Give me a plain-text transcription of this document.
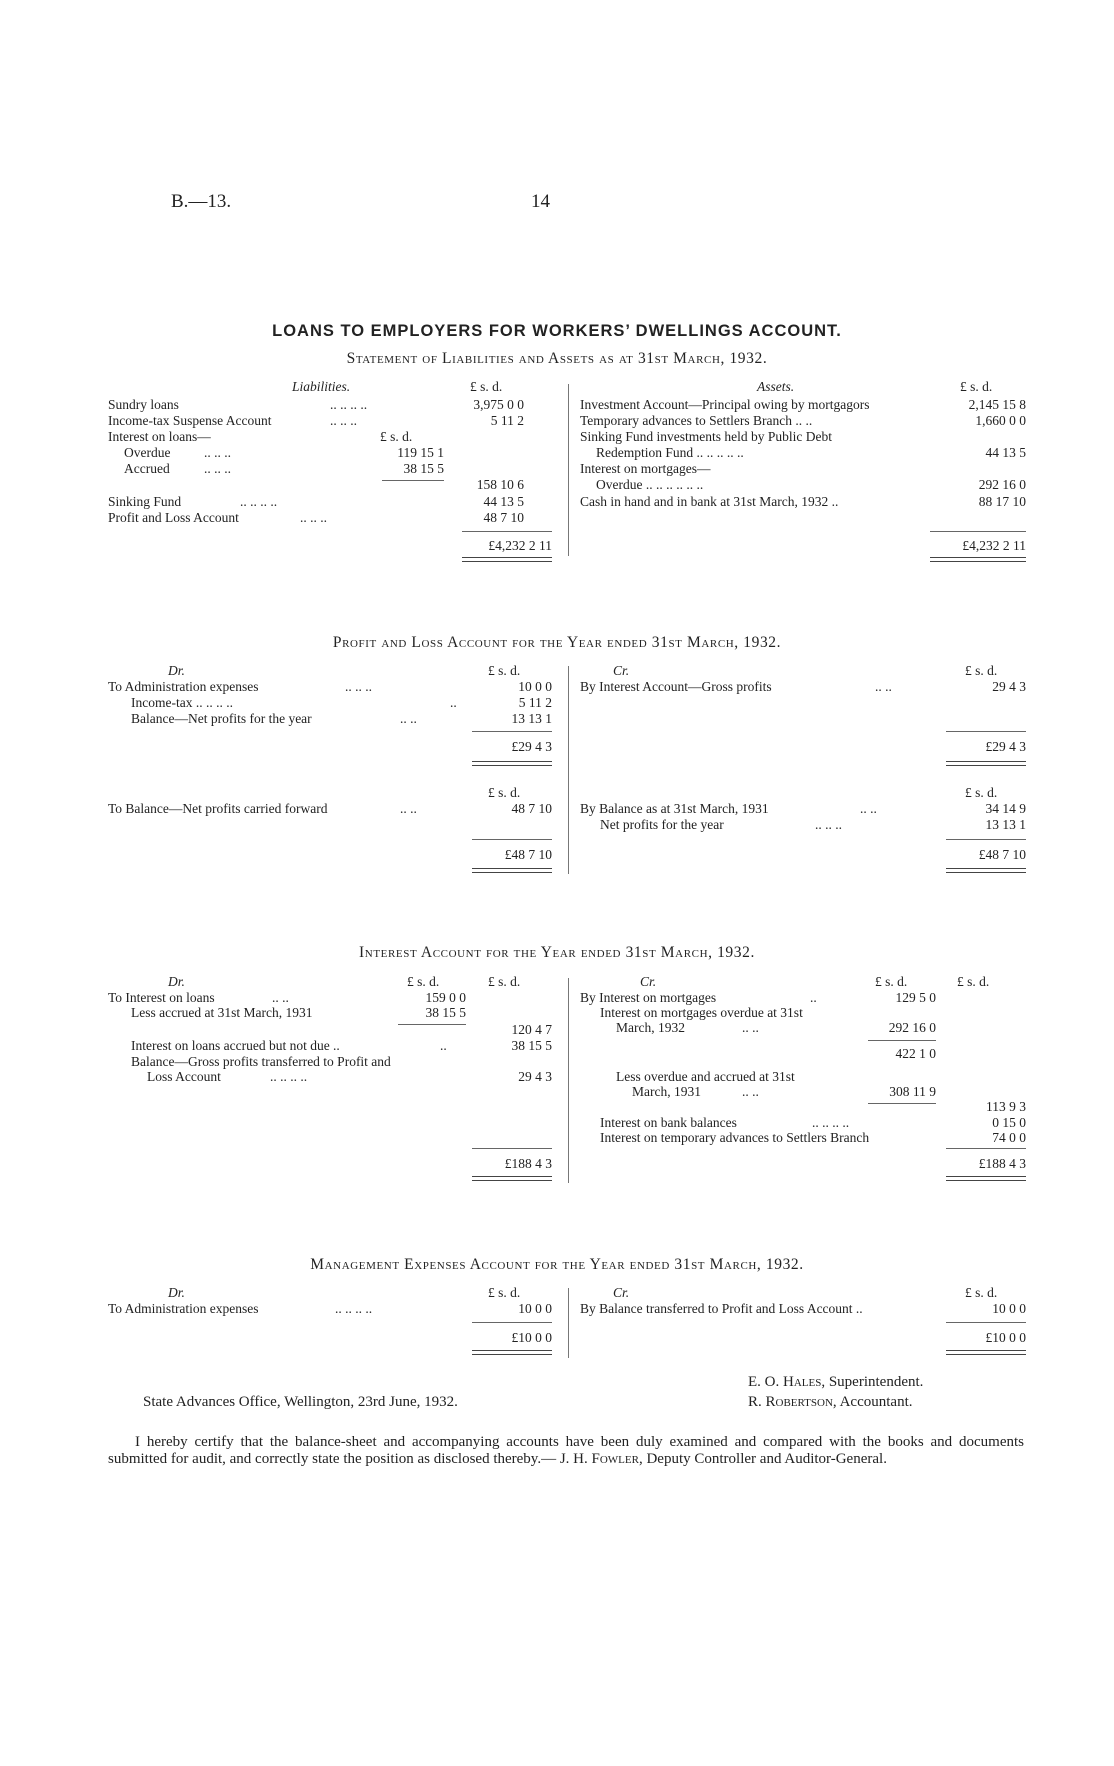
B.—13.	14
LOANS TO EMPLOYERS FOR WORKERS’ DWELLINGS ACCOUNT.
Statement of Liabilities and Assets as at 31st March, 1932.
Liabilities.	£ s. d.	Assets.	£ s. d.
Sundry loans	.. .. .. ..	3,975 0 0
Income-tax Suspense Account	.. .. ..	5 11 2
Interest on loans—	£ s. d.
Overdue .. .. ..	119 15 1
Accrued	.. .. ..	38 15 5
158 10 6
Sinking Fund	.. .. .. ..	44 13 5
Profit and Loss Account	.. .. ..	48 7 10
£4,232 2 11
Investment Account—Principal owing by mortgagors	2,145 15 8
Temporary advances to Settlers Branch .. ..	1,660 0 0
Sinking Fund investments held by Public Debt
Redemption Fund .. .. .. .. ..	44 13 5
Interest on mortgages—
Overdue .. .. .. .. .. ..	292 16 0
Cash in hand and in bank at 31st March, 1932 ..	88 17 10
£4,232 2 11
Profit and Loss Account for the Year ended 31st March, 1932.
Dr.	£ s. d.	Cr.	£ s. d.
To Administration expenses	.. .. ..	10 0 0
Income-tax .. .. .. ..	..	5 11 2
Balance—Net profits for the year	.. ..	13 13 1
By Interest Account—Gross profits	.. ..	29 4 3
£29 4 3	£29 4 3
£ s. d.	£ s. d.
To Balance—Net profits carried forward	.. ..	48 7 10 By Balance as at 31st March, 1931	.. ..	34 14 9
Net profits for the year	.. .. ..	13 13 1
£48 7 10	£48 7 10
Interest Account for the Year ended 31st March, 1932.
Dr.	£ s. d.	£ s. d.	Cr.	£ s. d.	£ s. d.
To Interest on loans	.. ..	159 0 0
Less accrued at 31st March, 1931	38 15 5
120 4 7
Interest on loans accrued but not due ..	..	38 15 5
Balance—Gross profits transferred to Profit and
Loss Account	.. .. .. ..	29 4 3
£188 4 3
By Interest on mortgages	..	129 5 0
Interest on mortgages overdue at 31st
March, 1932	.. ..	292 16 0
422 1 0
Less overdue and accrued at 31st
March, 1931	.. ..	308 11 9
113 9 3
Interest on bank balances	.. .. .. ..	0 15 0
Interest on temporary advances to Settlers Branch	74 0 0
£188 4 3
Management Expenses Account for the Year ended 31st March, 1932.
Dr.	£ s. d.	Cr.	£ s. d.
To Administration expenses	.. .. .. ..	10 0 0 By Balance transferred to Profit and Loss Account ..	10 0 0
£10 0 0	£10 0 0
E. O. Hales, Superintendent.
State Advances Office, Wellington, 23rd June, 1932.	R. Robertson, Accountant.
I hereby certify that the balance-sheet and accompanying accounts have been duly examined and compared with the books and documents submitted for audit, and correctly state the position as disclosed thereby.— J. H. Fowler, Deputy Controller and Auditor-General.
